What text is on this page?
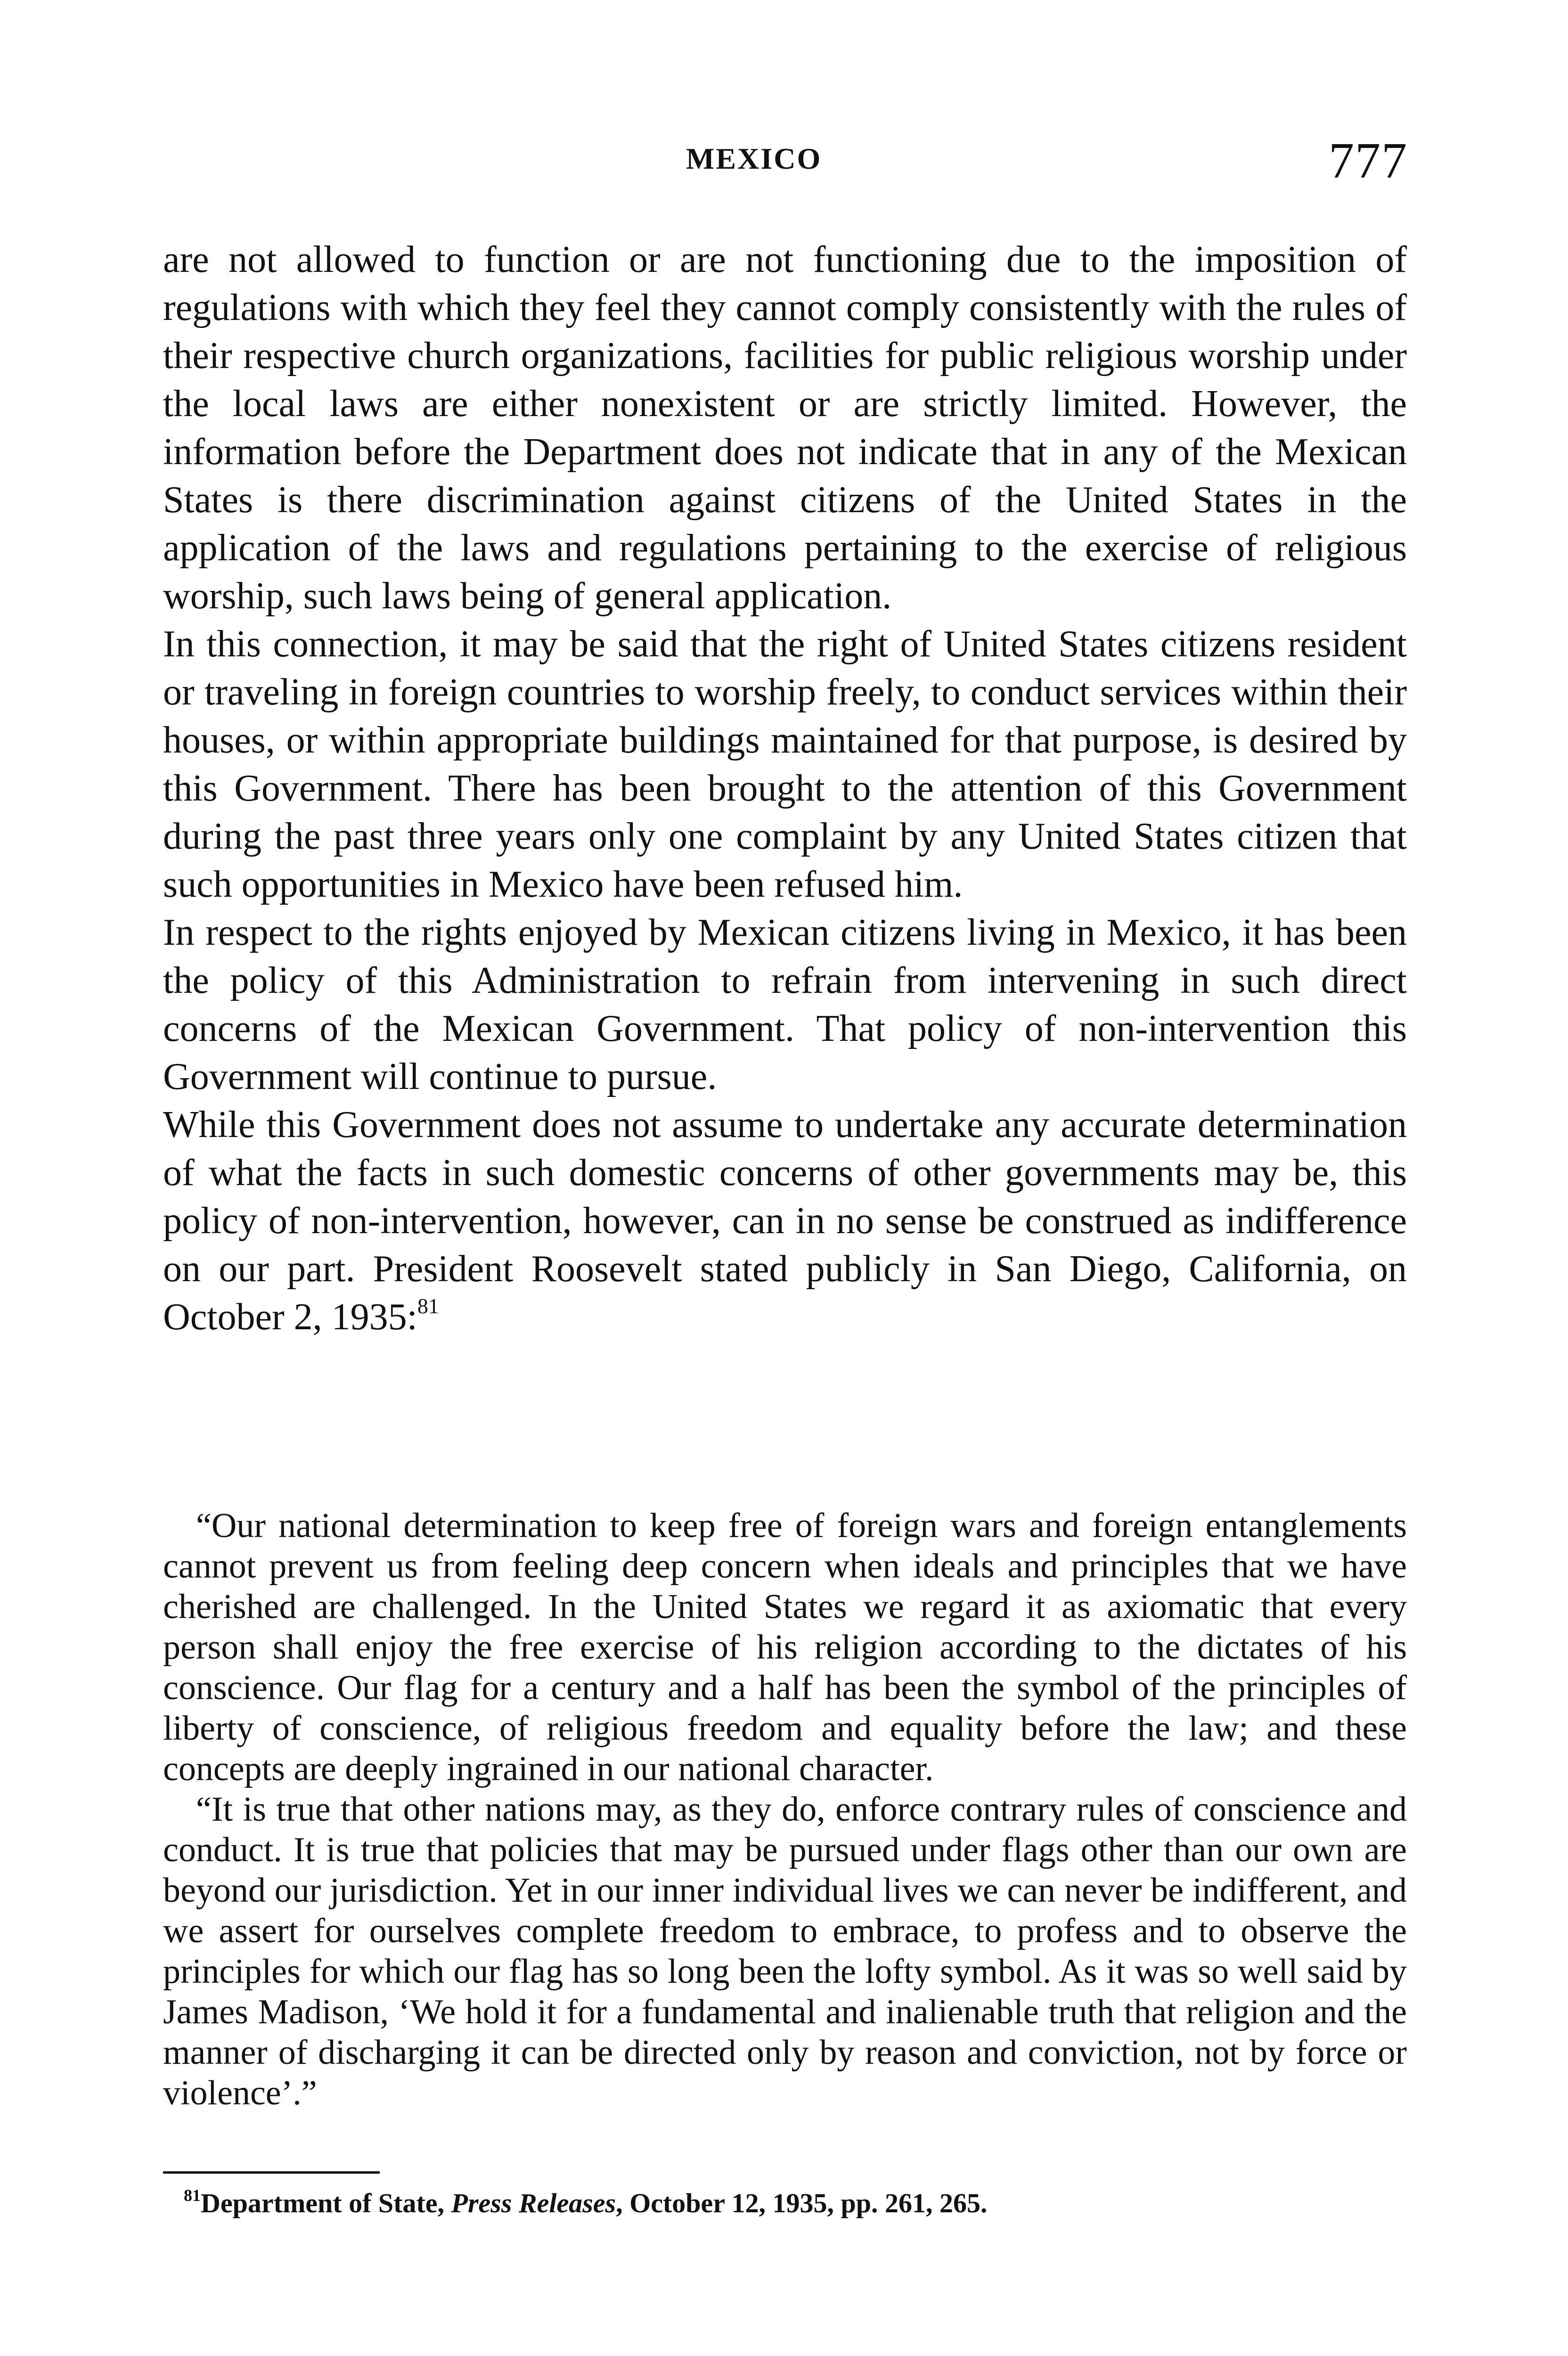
MEXICO	777

are not allowed to function or are not functioning due to the imposition of regulations with which they feel they cannot comply consistently with the rules of their respective church organizations, facilities for public religious worship under the local laws are either nonexistent or are strictly limited. However, the information before the Department does not indicate that in any of the Mexican States is there discrimination against citizens of the United States in the application of the laws and regulations pertaining to the exercise of religious worship, such laws being of general application.

In this connection, it may be said that the right of United States citizens resident or traveling in foreign countries to worship freely, to conduct services within their houses, or within appropriate buildings maintained for that purpose, is desired by this Government. There has been brought to the attention of this Government during the past three years only one complaint by any United States citizen that such opportunities in Mexico have been refused him.

In respect to the rights enjoyed by Mexican citizens living in Mexico, it has been the policy of this Administration to refrain from intervening in such direct concerns of the Mexican Government. That policy of non-intervention this Government will continue to pursue.

While this Government does not assume to undertake any accurate determination of what the facts in such domestic concerns of other governments may be, this policy of non-intervention, however, can in no sense be construed as indifference on our part. President Roosevelt stated publicly in San Diego, California, on October 2, 1935:$^{81}$

“Our national determination to keep free of foreign wars and foreign entanglements cannot prevent us from feeling deep concern when ideals and principles that we have cherished are challenged. In the United States we regard it as axiomatic that every person shall enjoy the free exercise of his religion according to the dictates of his conscience. Our flag for a century and a half has been the symbol of the principles of liberty of conscience, of religious freedom and equality before the law; and these concepts are deeply ingrained in our national character.

“It is true that other nations may, as they do, enforce contrary rules of conscience and conduct. It is true that policies that may be pursued under flags other than our own are beyond our jurisdiction. Yet in our inner individual lives we can never be indifferent, and we assert for ourselves complete freedom to embrace, to profess and to observe the principles for which our flag has so long been the lofty symbol. As it was so well said by James Madison, ‘We hold it for a fundamental and inalienable truth that religion and the manner of discharging it can be directed only by reason and conviction, not by force or violence’.”

$^{81}$Department of State, Press Releases, October 12, 1935, pp. 261, 265.
